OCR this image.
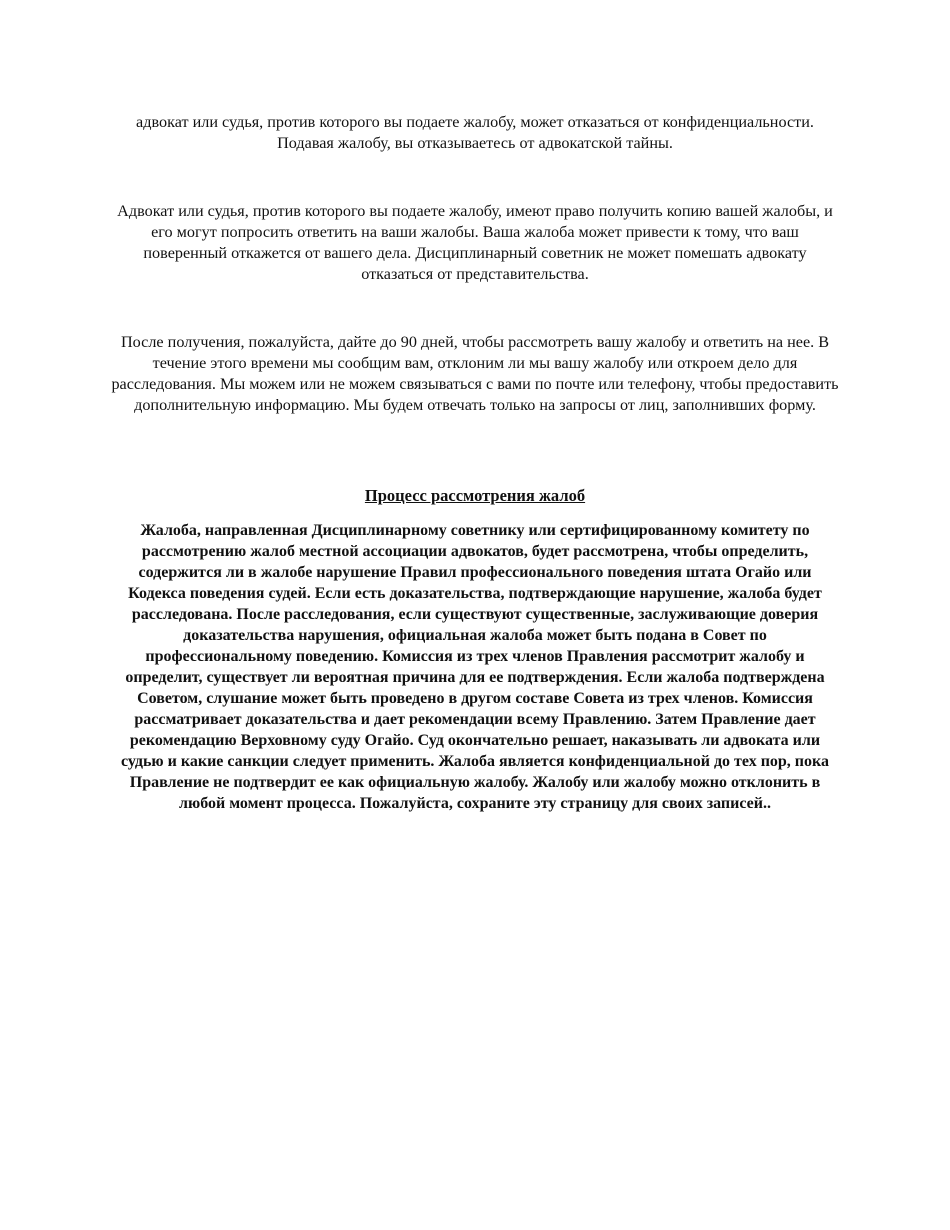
адвокат или судья, против которого вы подаете жалобу, может отказаться от конфиденциальности. Подавая жалобу, вы отказываетесь от адвокатской тайны.

Адвокат или судья, против которого вы подаете жалобу, имеют право получить копию вашей жалобы, и его могут попросить ответить на ваши жалобы. Ваша жалоба может привести к тому, что ваш поверенный откажется от вашего дела. Дисциплинарный советник не может помешать адвокату отказаться от представительства.

После получения, пожалуйста, дайте до 90 дней, чтобы рассмотреть вашу жалобу и ответить на нее. В течение этого времени мы сообщим вам, отклоним ли мы вашу жалобу или откроем дело для расследования. Мы можем или не можем связываться с вами по почте или телефону, чтобы предоставить дополнительную информацию. Мы будем отвечать только на запросы от лиц, заполнивших форму.

Процесс рассмотрения жалоб

Жалоба, направленная Дисциплинарному советнику или сертифицированному комитету по рассмотрению жалоб местной ассоциации адвокатов, будет рассмотрена, чтобы определить, содержится ли в жалобе нарушение Правил профессионального поведения штата Огайо или Кодекса поведения судей. Если есть доказательства, подтверждающие нарушение, жалоба будет расследована. После расследования, если существуют существенные, заслуживающие доверия доказательства нарушения, официальная жалоба может быть подана в Совет по профессиональному поведению. Комиссия из трех членов Правления рассмотрит жалобу и определит, существует ли вероятная причина для ее подтверждения. Если жалоба подтверждена Советом, слушание может быть проведено в другом составе Совета из трех членов. Комиссия рассматривает доказательства и дает рекомендации всему Правлению. Затем Правление дает рекомендацию Верховному суду Огайо. Суд окончательно решает, наказывать ли адвоката или судью и какие санкции следует применить. Жалоба является конфиденциальной до тех пор, пока Правление не подтвердит ее как официальную жалобу. Жалобу или жалобу можно отклонить в любой момент процесса. Пожалуйста, сохраните эту страницу для своих записей..
